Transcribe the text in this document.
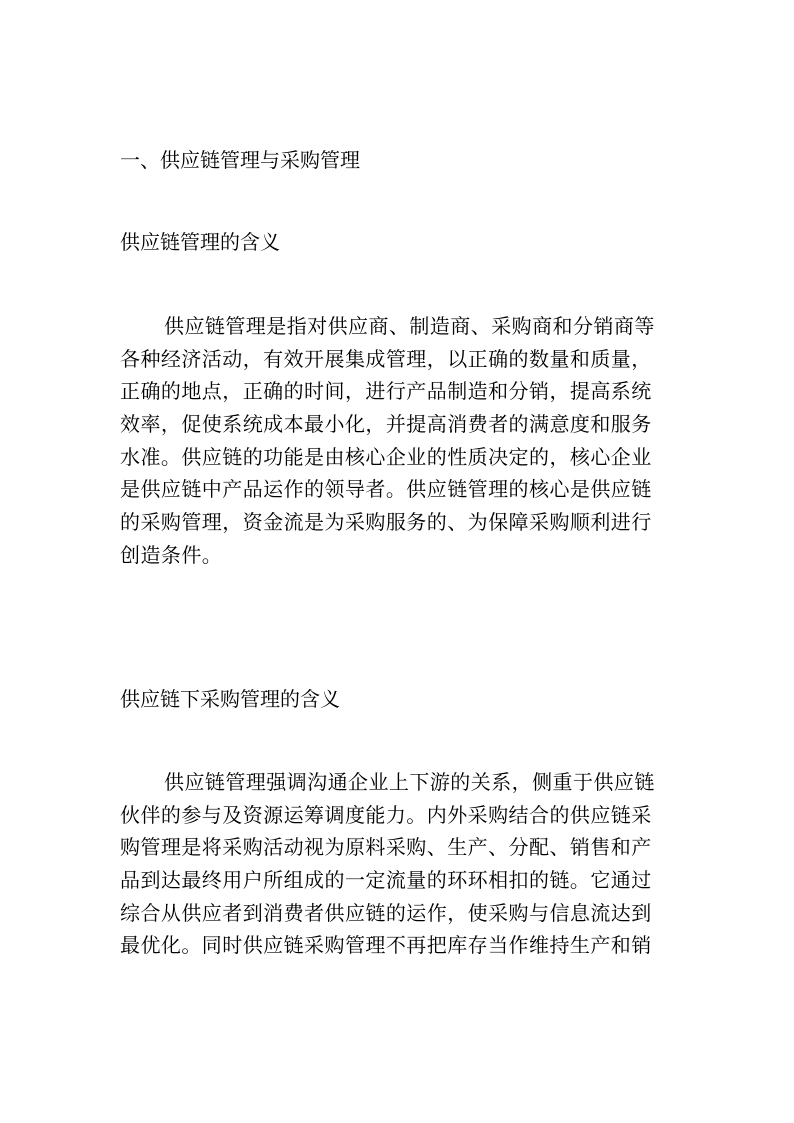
一、供应链管理与采购管理
供应链管理的含义
供应链管理是指对供应商、制造商、采购商和分销商等
各种经济活动，有效开展集成管理，以正确的数量和质量，
正确的地点，正确的时间，进行产品制造和分销，提高系统
效率，促使系统成本最小化，并提高消费者的满意度和服务
水准。供应链的功能是由核心企业的性质决定的，核心企业
是供应链中产品运作的领导者。供应链管理的核心是供应链
的采购管理，资金流是为采购服务的、为保障采购顺利进行
创造条件。
供应链下采购管理的含义
供应链管理强调沟通企业上下游的关系，侧重于供应链
伙伴的参与及资源运筹调度能力。内外采购结合的供应链采
购管理是将采购活动视为原料采购、生产、分配、销售和产
品到达最终用户所组成的一定流量的环环相扣的链。它通过
综合从供应者到消费者供应链的运作，使采购与信息流达到
最优化。同时供应链采购管理不再把库存当作维持生产和销
